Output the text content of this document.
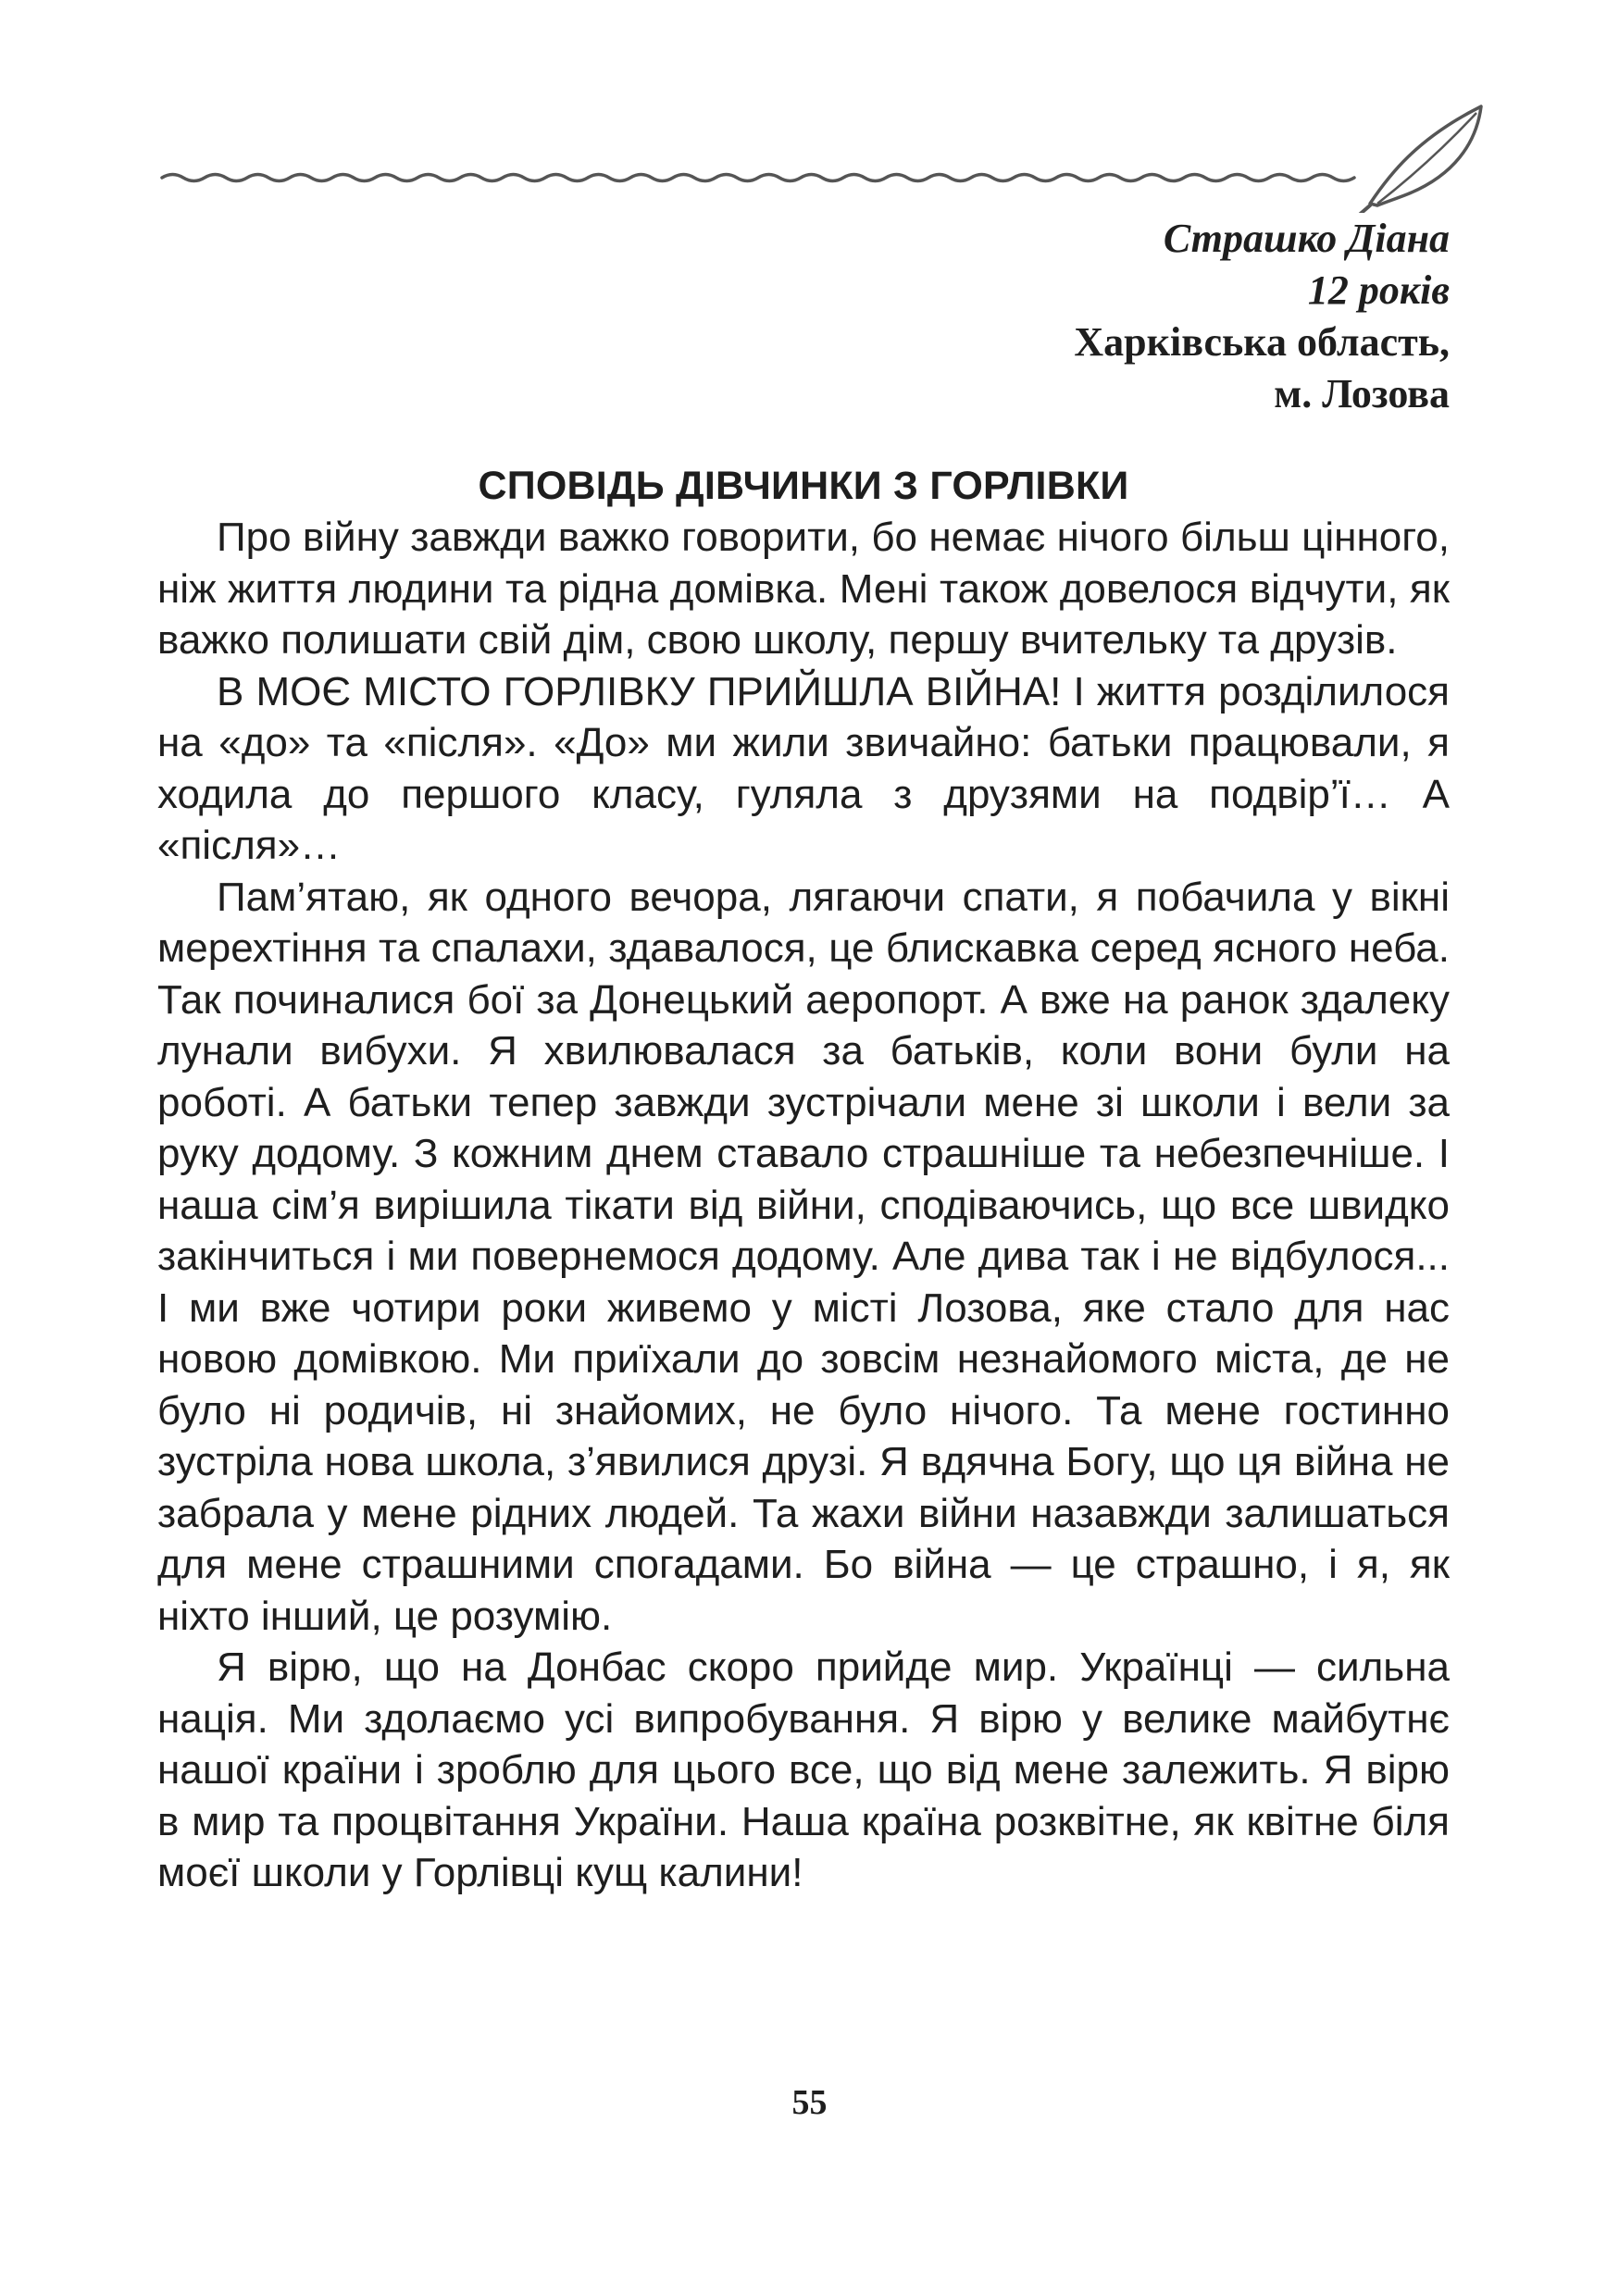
Страшко Діана
12 років
Харківська область,
м. Лозова
СПОВІДЬ ДІВЧИНКИ З ГОРЛІВКИ

Про війну завжди важко говорити, бо немає нічого більш цінного, ніж життя людини та рідна домівка. Мені також довелося відчути, як важко полишати свій дім, свою школу, першу вчительку та друзів.

В МОЄ МІСТО ГОРЛІВКУ ПРИЙШЛА ВІЙНА! І життя розділилося на «до» та «після». «До» ми жили звичайно: батьки працювали, я ходила до першого класу, гуляла з друзями на подвір’ї… А «після»…

Пам’ятаю, як одного вечора, лягаючи спати, я побачила у вікні мерехтіння та спалахи, здавалося, це блискавка серед ясного неба. Так починалися бої за Донецький аеропорт. А вже на ранок здалеку лунали вибухи. Я хвилювалася за батьків, коли вони були на роботі. А батьки тепер завжди зустрічали мене зі школи і вели за руку додому. З кожним днем ставало страшніше та небезпечніше. І наша сім’я вирішила тікати від війни, сподіваючись, що все швидко закінчиться і ми повернемося додому. Але дива так і не відбулося... І ми вже чотири роки живемо у місті Лозова, яке стало для нас новою домівкою. Ми приїхали до зовсім незнайомого міста, де не було ні родичів, ні знайомих, не було нічого. Та мене гостинно зустріла нова школа, з’явилися друзі. Я вдячна Богу, що ця війна не забрала у мене рідних людей. Та жахи війни назавжди залишаться для мене страшними спогадами. Бо війна — це страшно, і я, як ніхто інший, це розумію.

Я вірю, що на Донбас скоро прийде мир. Українці — сильна нація. Ми здолаємо усі випробування. Я вірю у велике майбутнє нашої країни і зроблю для цього все, що від мене залежить. Я вірю в мир та процвітання України. Наша країна розквітне, як квітне біля моєї школи у Горлівці кущ калини!

55
